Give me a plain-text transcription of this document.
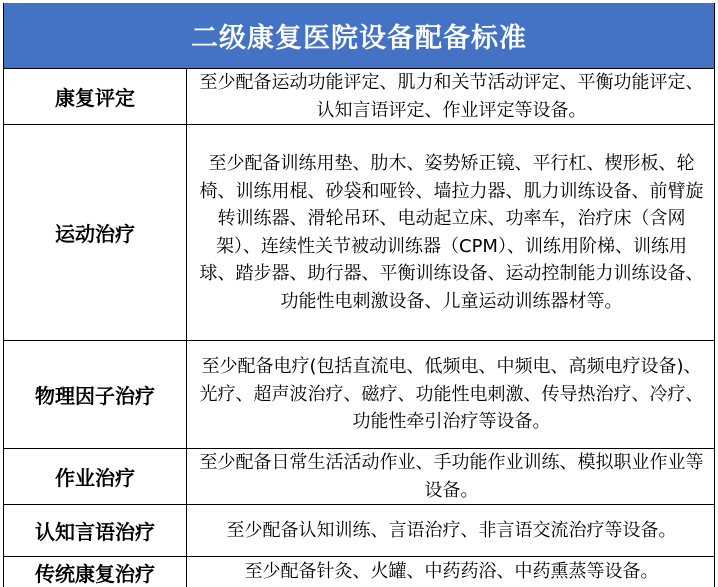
二级康复医院设备配备标准
康复评定
至少配备运动功能评定、肌力和关节活动评定、平衡功能评定、认知言语评定、作业评定等设备。
运动治疗
至少配备训练用垫、肋木、姿势矫正镜、平行杠、楔形板、轮椅、训练用棍、砂袋和哑铃、墙拉力器、肌力训练设备、前臂旋转训练器、滑轮吊环、电动起立床、功率车，治疗床（含网架）、连续性关节被动训练器（CPM）、训练用阶梯、训练用球、踏步器、助行器、平衡训练设备、运动控制能力训练设备、功能性电刺激设备、儿童运动训练器材等。
物理因子治疗
至少配备电疗(包括直流电、低频电、中频电、高频电疗设备)、光疗、超声波治疗、磁疗、功能性电刺激、传导热治疗、冷疗、功能性牵引治疗等设备。
作业治疗
至少配备日常生活活动作业、手功能作业训练、模拟职业作业等设备。
认知言语治疗	至少配备认知训练、言语治疗、非言语交流治疗等设备。
传统康复治疗	至少配备针灸、火罐、中药药浴、中药熏蒸等设备。
